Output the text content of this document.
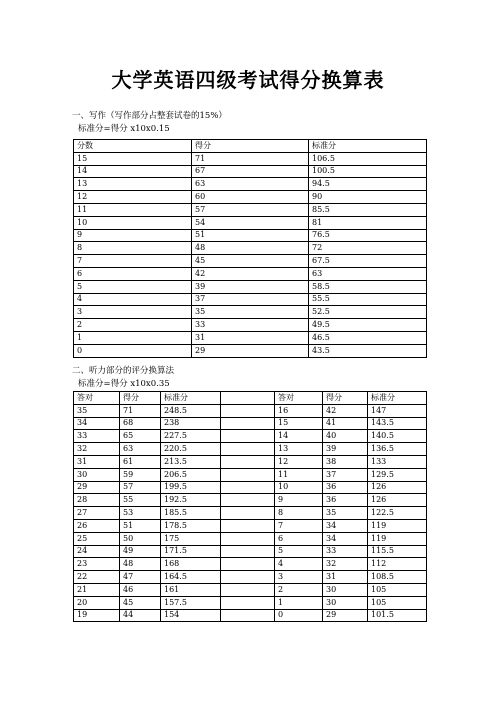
大学英语四级考试得分换算表
一、写作（写作部分占整套试卷的15%）
标准分=得分 x10x0.15
分数	得分	标准分
15	71	106.5
14	67	100.5
13	63	94.5
12	60	90
11	57	85.5
10	54	81
9	51	76.5
8	48	72
7	45	67.5
6	42	63
5	39	58.5
4	37	55.5
3	35	52.5
2	33	49.5
1	31	46.5
0	29	43.5
二、听力部分的评分换算法
标准分=得分 x10x0.35
答对	得分	标准分		答对	得分	标准分
35	71	248.5		16	42	147
34	68	238		15	41	143.5
33	65	227.5		14	40	140.5
32	63	220.5		13	39	136.5
31	61	213.5		12	38	133
30	59	206.5		11	37	129.5
29	57	199.5		10	36	126
28	55	192.5		9	36	126
27	53	185.5		8	35	122.5
26	51	178.5		7	34	119
25	50	175		6	34	119
24	49	171.5		5	33	115.5
23	48	168		4	32	112
22	47	164.5		3	31	108.5
21	46	161		2	30	105
20	45	157.5		1	30	105
19	44	154		0	29	101.5
